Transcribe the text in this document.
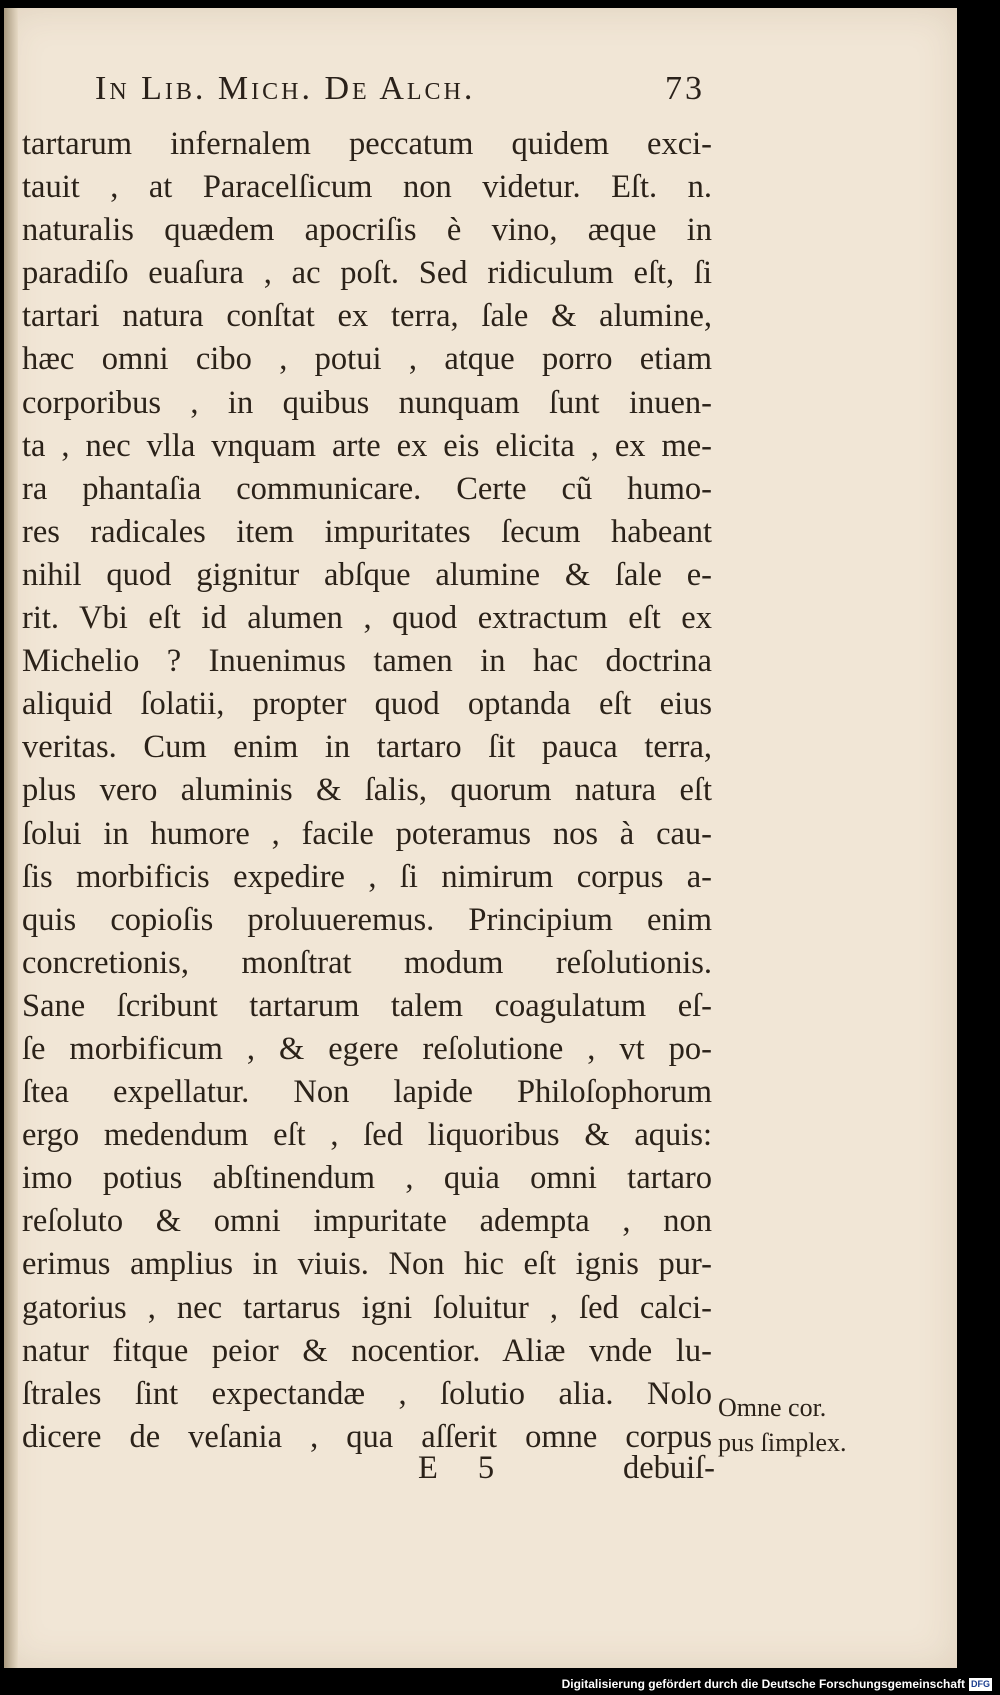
In Lib. Mich. De Alch.	73
tartarum infernalem peccatum quidem exci-
tauit , at Paracelſicum non videtur. Eſt. n.
naturalis quædem apocriſis è vino, æque in
paradiſo euaſura , ac poſt. Sed ridiculum eſt, ſi
tartari natura conſtat ex terra, ſale & alumine,
hæc omni cibo , potui , atque porro etiam
corporibus , in quibus nunquam ſunt inuen-
ta , nec vlla vnquam arte ex eis elicita , ex me-
ra phantaſia communicare. Certe cũ humo-
res radicales item impuritates ſecum habeant
nihil quod gignitur abſque alumine & ſale e-
rit. Vbi eſt id alumen , quod extractum eſt ex
Michelio ? Inuenimus tamen in hac doctrina
aliquid ſolatii, propter quod optanda eſt eius
veritas. Cum enim in tartaro ſit pauca terra,
plus vero aluminis & ſalis, quorum natura eſt
ſolui in humore , facile poteramus nos à cau-
ſis morbificis expedire , ſi nimirum corpus a-
quis copioſis proluueremus. Principium enim
concretionis, monſtrat modum reſolutionis.
Sane ſcribunt tartarum talem coagulatum eſ-
ſe morbificum , & egere reſolutione , vt po-
ſtea expellatur. Non lapide Philoſophorum
ergo medendum eſt , ſed liquoribus & aquis:
imo potius abſtinendum , quia omni tartaro
reſoluto & omni impuritate adempta , non
erimus amplius in viuis. Non hic eſt ignis pur-
gatorius , nec tartarus igni ſoluitur , ſed calci-
natur fitque peior & nocentior. Aliæ vnde lu-
ſtrales ſint expectandæ , ſolutio alia. Nolo
dicere de veſania , qua aſſerit omne corpus
Omne cor.
pus ſimplex.
E 5	debuiſ-
Digitalisierung gefördert durch die Deutsche Forschungsgemeinschaft DFG
